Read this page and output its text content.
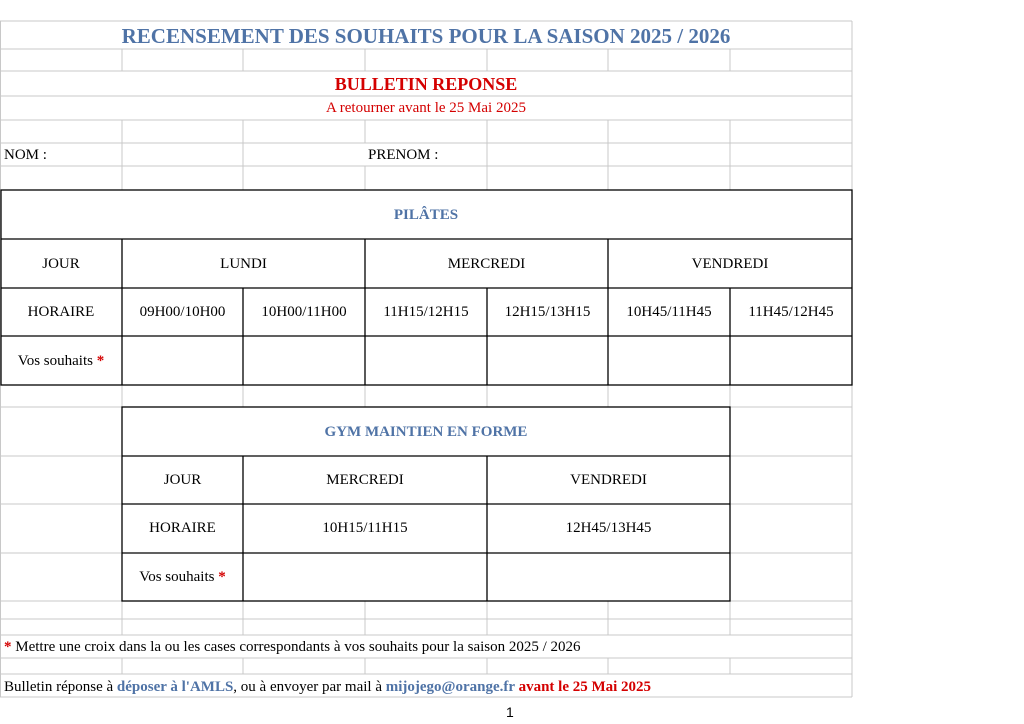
RECENSEMENT DES SOUHAITS POUR LA SAISON 2025 / 2026
BULLETIN REPONSE
A retourner avant le 25 Mai 2025
NOM :	PRENOM :
PILÂTES
JOUR	LUNDI	MERCREDI	VENDREDI
HORAIRE	09H00/10H00	10H00/11H00	11H15/12H15	12H15/13H15	10H45/11H45	11H45/12H45
Vos souhaits *
GYM MAINTIEN EN FORME
JOUR	MERCREDI	VENDREDI
HORAIRE	10H15/11H15	12H45/13H45
Vos souhaits *
* Mettre une croix dans la ou les cases correspondants à vos souhaits pour la saison 2025 / 2026
Bulletin réponse à déposer à l'AMLS, ou à envoyer par mail à mijojego@orange.fr avant le 25 Mai 2025
1
